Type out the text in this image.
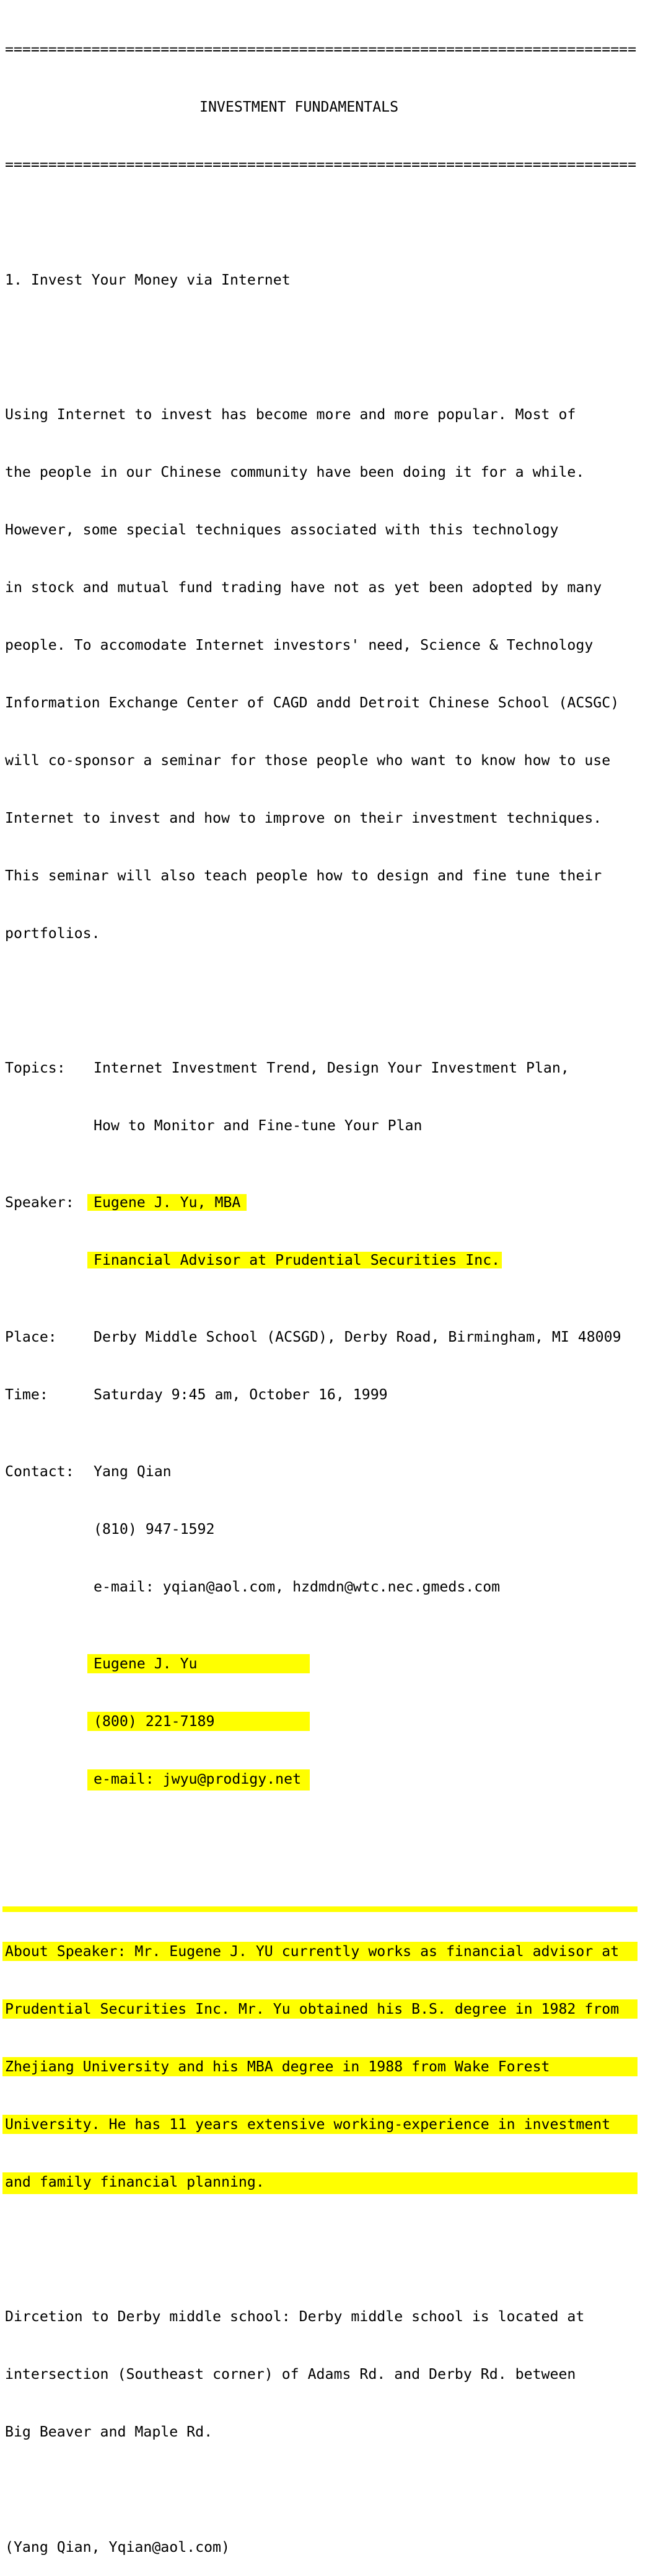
=========================================================================

INVESTMENT FUNDAMENTALS

=========================================================================

1. Invest Your Money via Internet

Using Internet to invest has become more and more popular. Most of

the people in our Chinese community have been doing it for a while.

However, some special techniques associated with this technology

in stock and mutual fund trading have not as yet been adopted by many

people. To accomodate Internet investors' need, Science & Technology

Information Exchange Center of CAGD andd Detroit Chinese School (ACSGC)

will co-sponsor a seminar for those people who want to know how to use

Internet to invest and how to improve on their investment techniques.

This seminar will also teach people how to design and fine tune their

portfolios.

Topics: Internet Investment Trend, Design Your Investment Plan,

How to Monitor and Fine-tune Your Plan

Speaker: Eugene J. Yu, MBA

Financial Advisor at Prudential Securities Inc.

Place:	Derby Middle School (ACSGD), Derby Road, Birmingham, MI 48009

Time:	Saturday 9:45 am, October 16, 1999

Contact: Yang Qian

(810) 947-1592

e-mail: yqian@aol.com, hzdmdn@wtc.nec.gmeds.com

Eugene J. Yu

(800) 221-7189

e-mail: jwyu@prodigy.net

About Speaker: Mr. Eugene J. YU currently works as financial advisor at

Prudential Securities Inc. Mr. Yu obtained his B.S. degree in 1982 from

Zhejiang University and his MBA degree in 1988 from Wake Forest

University. He has 11 years extensive working-experience in investment

and family financial planning.

Dircetion to Derby middle school: Derby middle school is located at

intersection (Southeast corner) of Adams Rd. and Derby Rd. between

Big Beaver and Maple Rd.

(Yang Qian, Yqian@aol.com)
